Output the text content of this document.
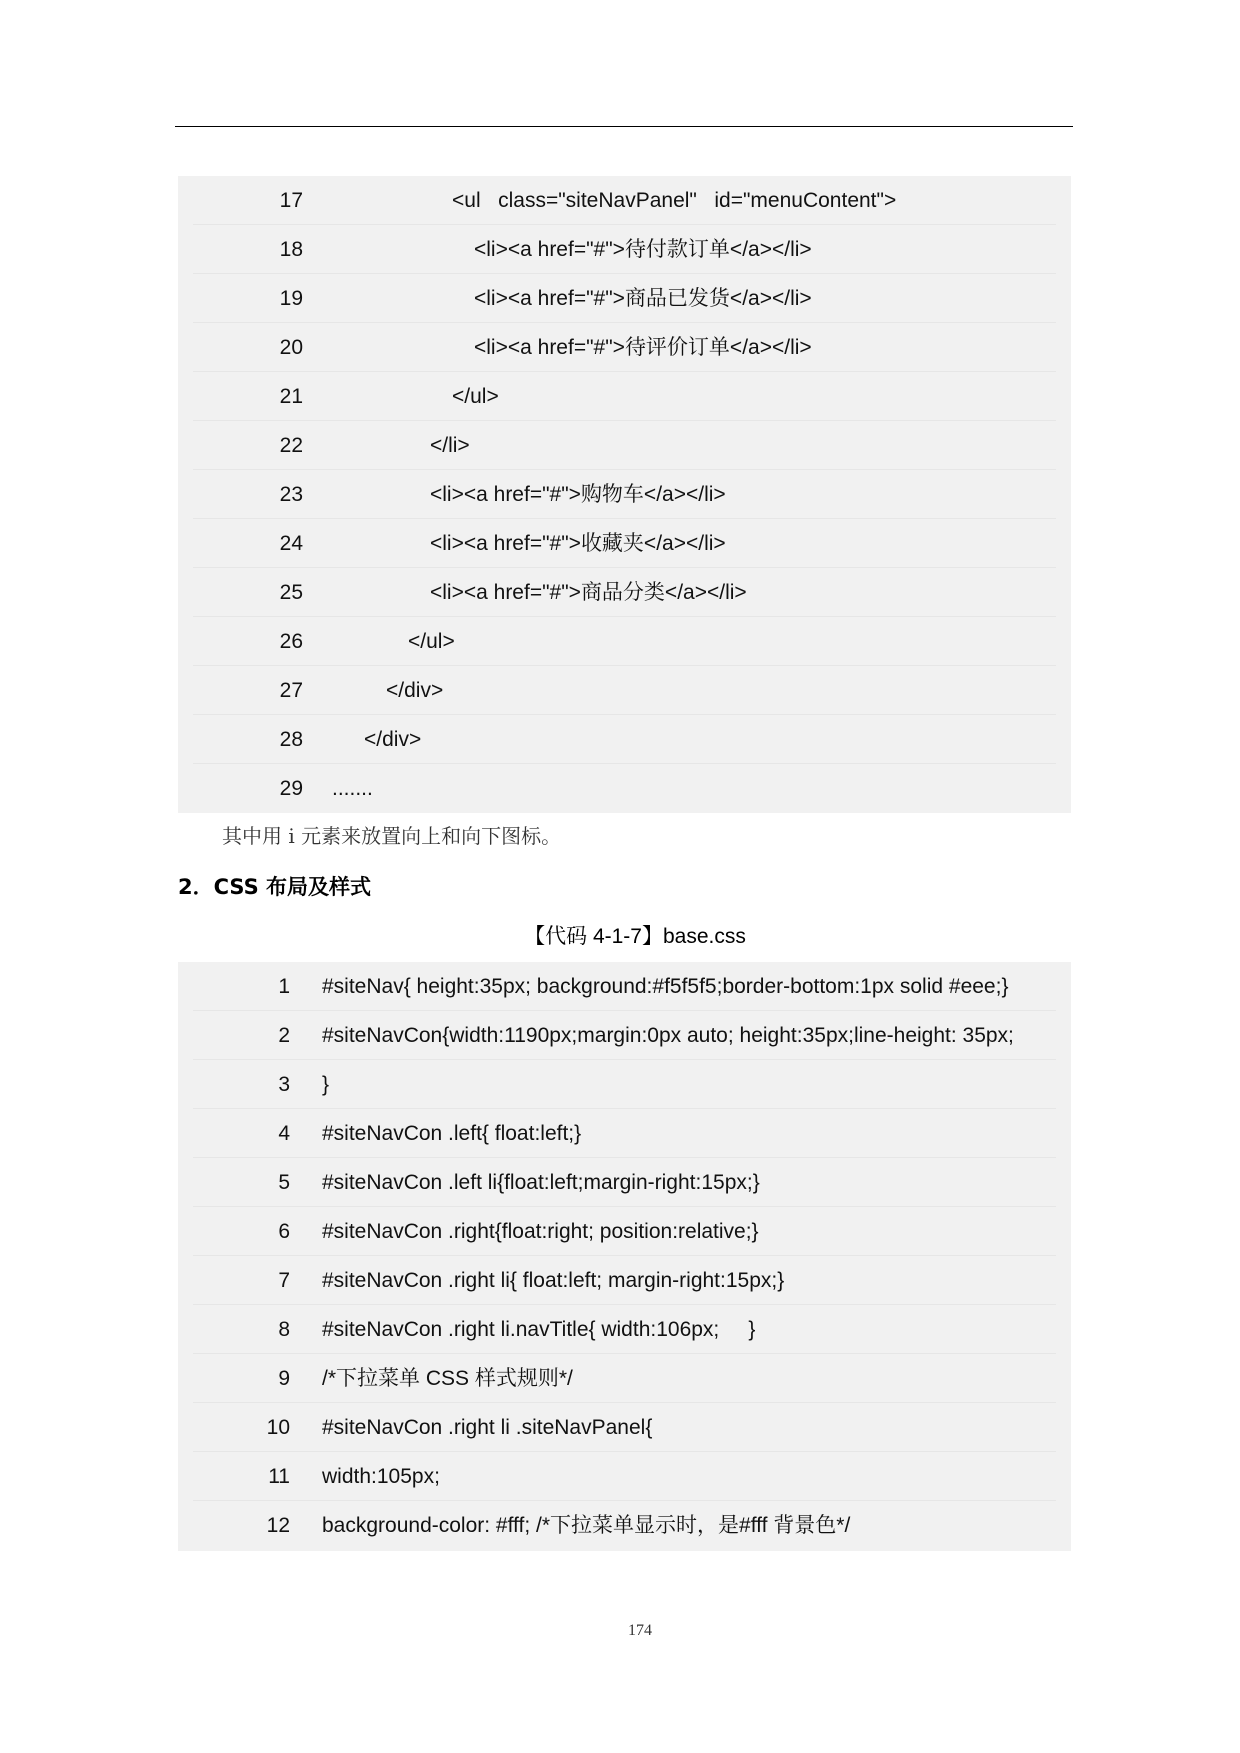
17	<ul   class="siteNavPanel"   id="menuContent">
18	<li><a href="#">待付款订单</a></li>
19	<li><a href="#">商品已发货</a></li>
20	<li><a href="#">待评价订单</a></li>
21	</ul>
22	</li>
23	<li><a href="#">购物车</a></li>
24	<li><a href="#">收藏夹</a></li>
25	<li><a href="#">商品分类</a></li>
26	</ul>
27	</div>
28	</div>
29 .......
其中用 i 元素来放置向上和向下图标。
2．CSS 布局及样式
【代码 4-1-7】base.css
1 #siteNav{ height:35px; background:#f5f5f5;border-bottom:1px solid #eee;}
2 #siteNavCon{width:1190px;margin:0px auto; height:35px;line-height: 35px;
3 }
4 #siteNavCon .left{ float:left;}
5 #siteNavCon .left li{float:left;margin-right:15px;}
6 #siteNavCon .right{float:right; position:relative;}
7 #siteNavCon .right li{ float:left; margin-right:15px;}
8 #siteNavCon .right li.navTitle{ width:106px;     }
9 /*下拉菜单 CSS 样式规则*/
10 #siteNavCon .right li .siteNavPanel{
11 width:105px;
12 background-color: #fff; /*下拉菜单显示时，是#fff 背景色*/
174
